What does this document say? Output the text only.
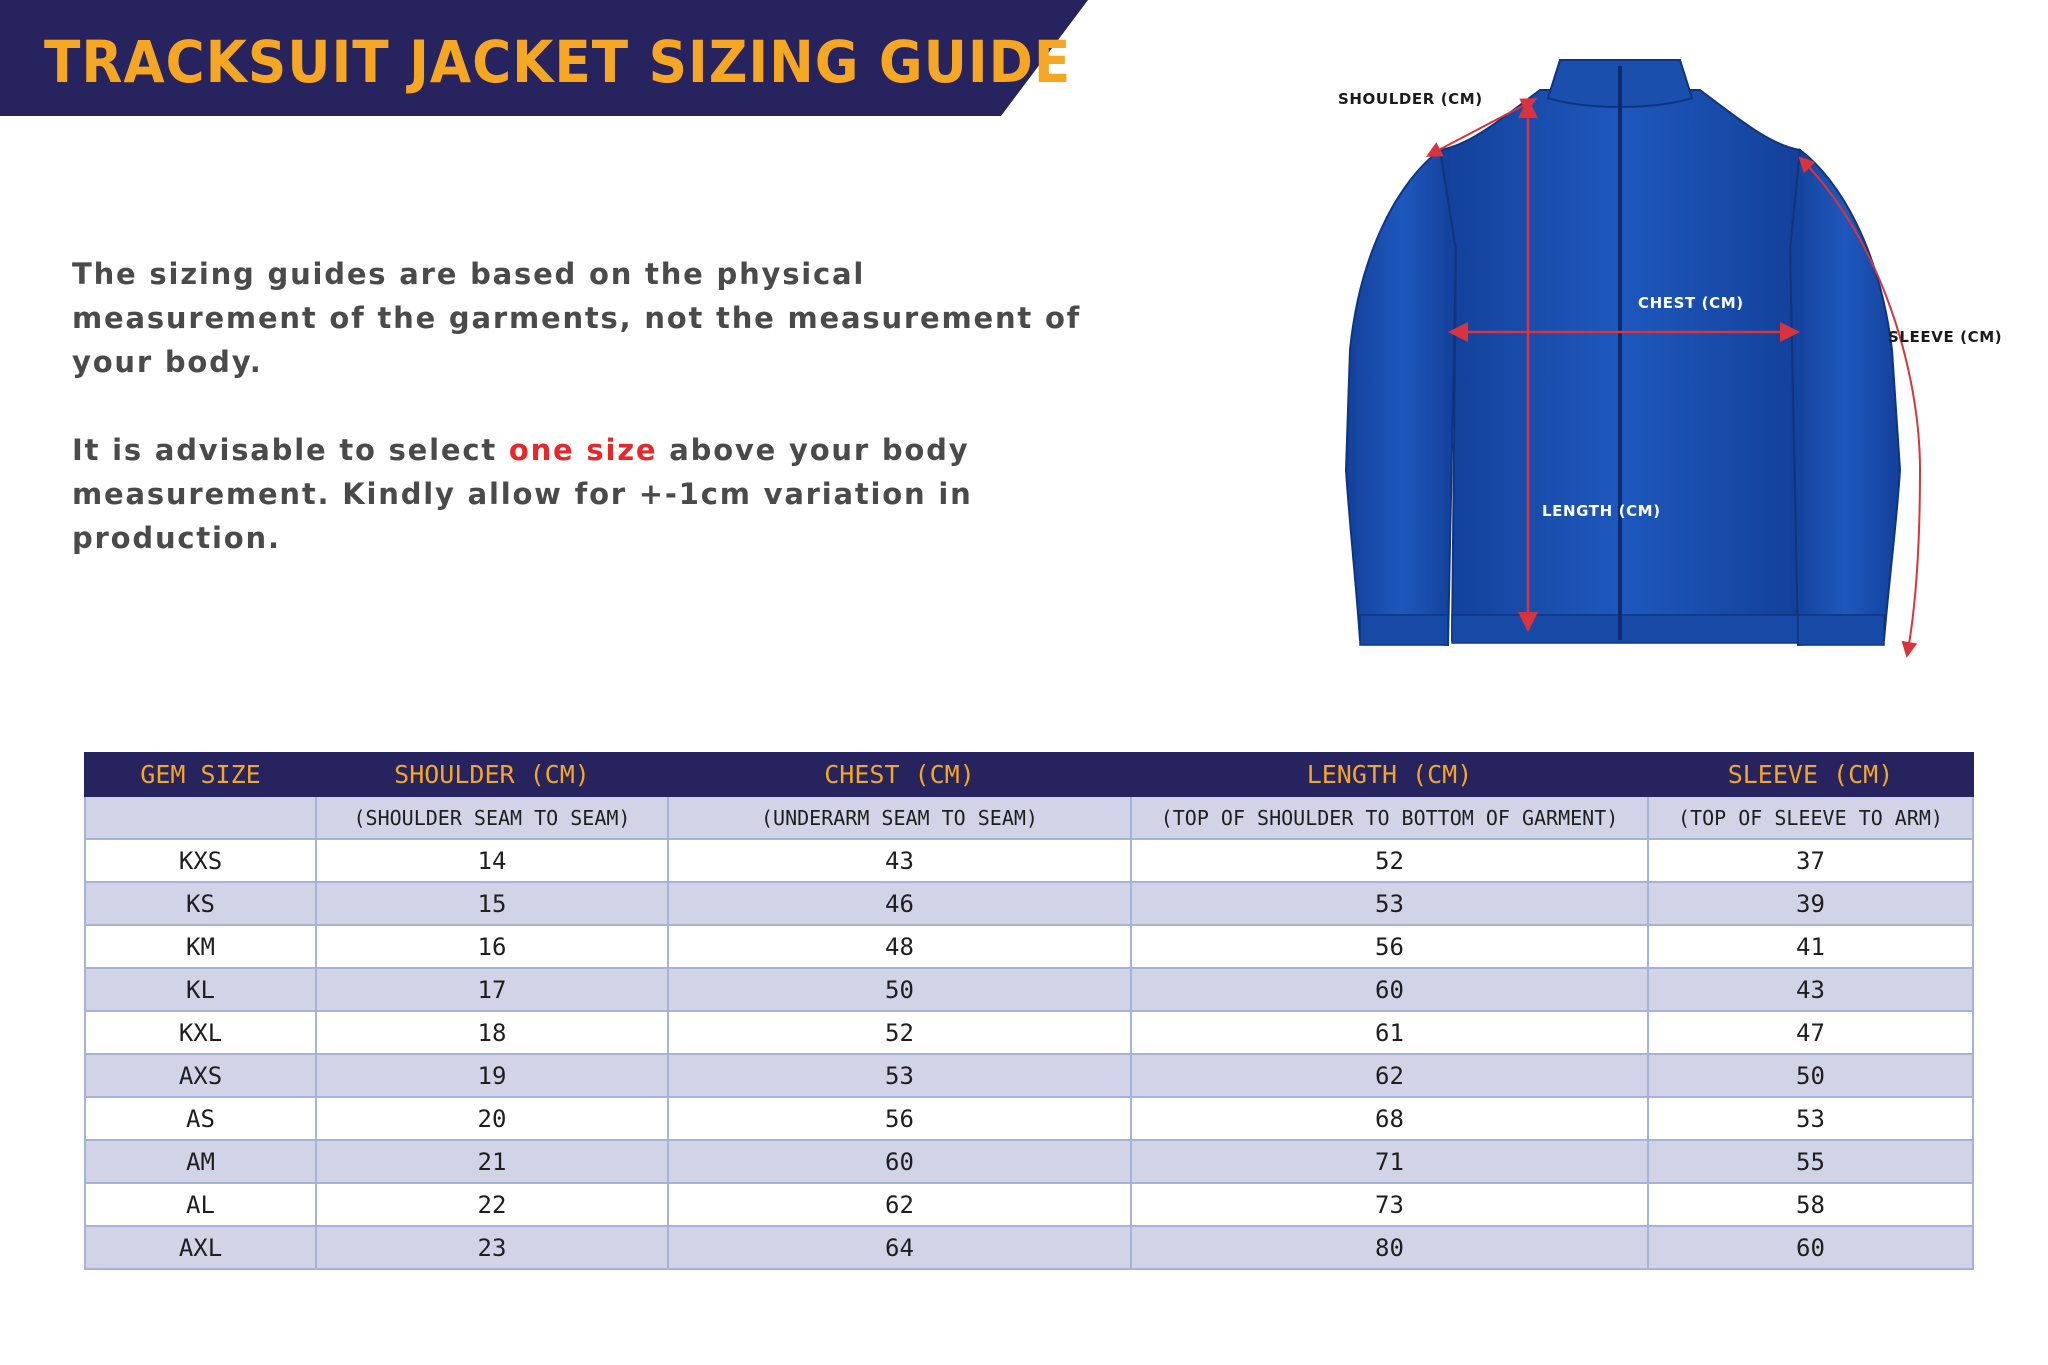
TRACKSUIT JACKET SIZING GUIDE

The sizing guides are based on the physical measurement of the garments, not the measurement of your body.

It is advisable to select one size above your body measurement. Kindly allow for +-1cm variation in production.

SHOULDER (CM)
CHEST (CM)
LENGTH (CM)
SLEEVE (CM)
GEM SIZE	SHOULDER (CM)	CHEST (CM)	LENGTH (CM)	SLEEVE (CM)
	(SHOULDER SEAM TO SEAM)	(UNDERARM SEAM TO SEAM)	(TOP OF SHOULDER TO BOTTOM OF GARMENT)	(TOP OF SLEEVE TO ARM)
KXS	14	43	52	37
KS	15	46	53	39
KM	16	48	56	41
KL	17	50	60	43
KXL	18	52	61	47
AXS	19	53	62	50
AS	20	56	68	53
AM	21	60	71	55
AL	22	62	73	58
AXL	23	64	80	60
